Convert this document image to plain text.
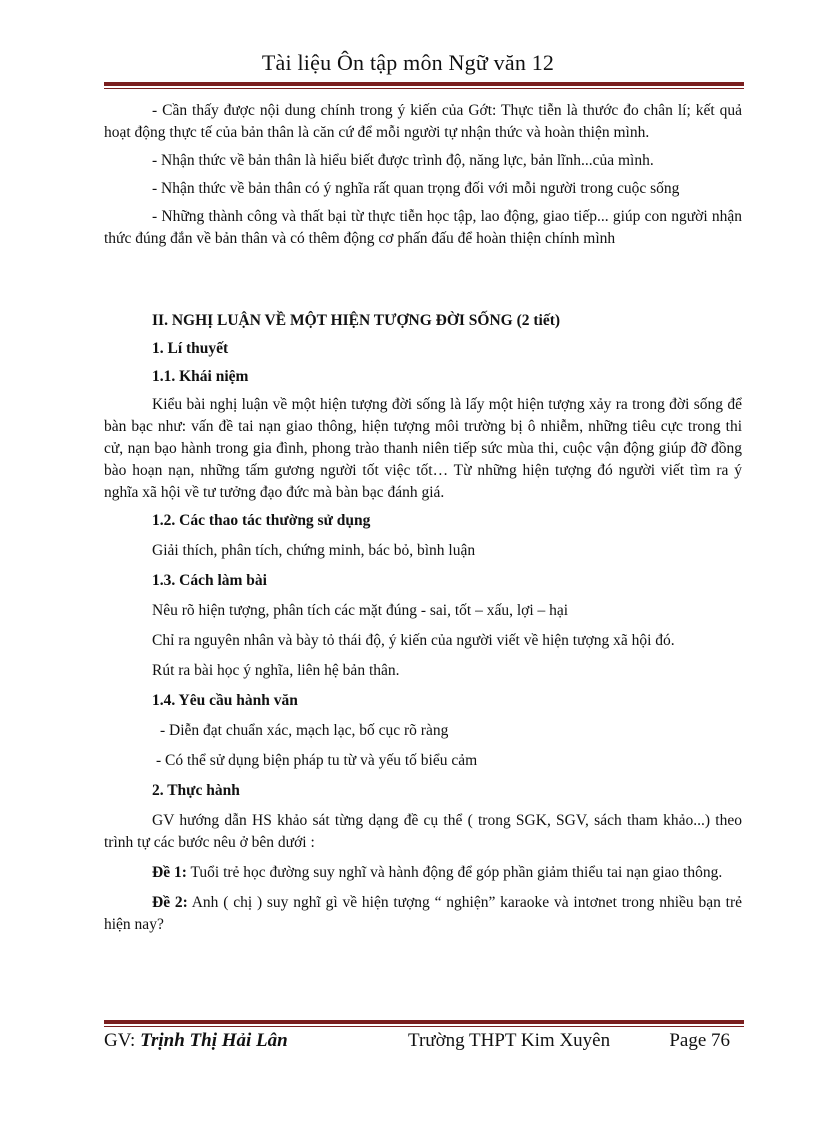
Tài liệu Ôn tập môn Ngữ văn 12

- Cần thấy được nội dung chính trong ý kiến của Gớt: Thực tiễn là thước đo chân lí; kết quả hoạt động thực tế của bản thân là căn cứ để mỗi người tự nhận thức và hoàn thiện mình.

- Nhận thức về bản thân là hiểu biết được trình độ, năng lực, bản lĩnh...của mình.

- Nhận thức về bản thân có ý nghĩa rất quan trọng đối với mỗi người trong cuộc sống

- Những thành công và thất bại từ thực tiễn học tập, lao động, giao tiếp... giúp con người nhận thức đúng đắn về bản thân và có thêm động cơ phấn đấu để hoàn thiện chính mình

II. NGHỊ LUẬN VỀ MỘT HIỆN TƯỢNG ĐỜI SỐNG (2 tiết)

1. Lí thuyết

1.1. Khái niệm

Kiểu bài nghị luận về một hiện tượng đời sống là lấy một hiện tượng xảy ra trong đời sống để bàn bạc như: vấn đề tai nạn giao thông, hiện tượng môi trường bị ô nhiễm, những tiêu cực trong thi cử, nạn bạo hành trong gia đình, phong trào thanh niên tiếp sức mùa thi, cuộc vận động giúp đỡ đồng bào hoạn nạn, những tấm gương người tốt việc tốt… Từ những hiện tượng đó người viết tìm ra ý nghĩa xã hội về tư tưởng đạo đức mà bàn bạc đánh giá.

1.2. Các thao tác thường sử dụng

Giải thích, phân tích, chứng minh, bác bỏ, bình luận

1.3. Cách làm bài

Nêu rõ hiện tượng, phân tích các mặt đúng - sai, tốt – xấu, lợi – hại

Chỉ ra nguyên nhân và bày tỏ thái độ, ý kiến của người viết về hiện tượng xã hội đó.

Rút ra bài học ý nghĩa, liên hệ bản thân.

1.4. Yêu cầu hành văn

- Diễn đạt chuẩn xác, mạch lạc, bố cục rõ ràng

- Có thể sử dụng biện pháp tu từ và yếu tố biểu cảm

2. Thực hành

GV hướng dẫn HS khảo sát từng dạng đề cụ thể ( trong SGK, SGV, sách tham khảo...) theo trình tự các bước nêu ở bên dưới :

Đề 1: Tuổi trẻ học đường suy nghĩ và hành động để góp phần giảm thiểu tai nạn giao thông.

Đề 2: Anh ( chị ) suy nghĩ gì về hiện tượng “ nghiện” karaoke và intơnet trong nhiều bạn trẻ hiện nay?

GV: Trịnh Thị Hải Lân	Trường THPT Kim Xuyên	Page 76
